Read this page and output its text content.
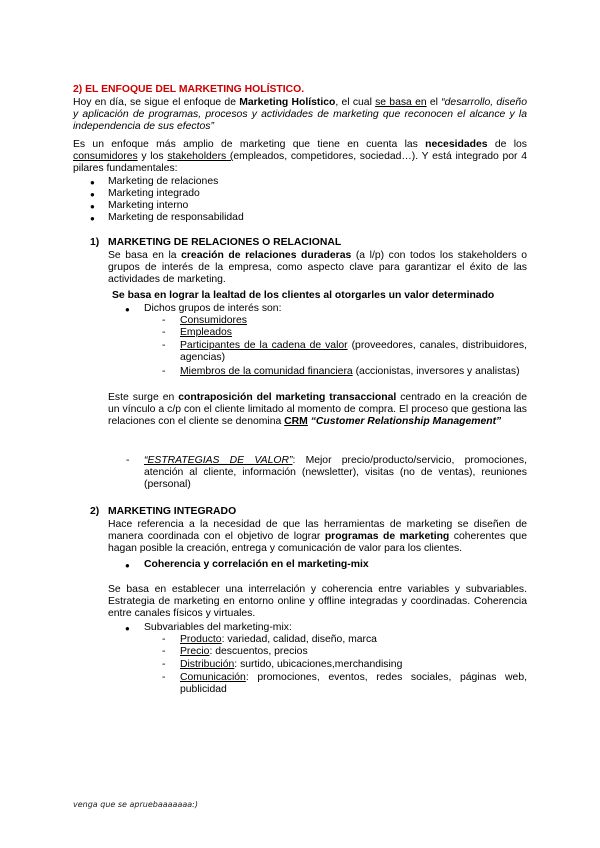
2) EL ENFOQUE DEL MARKETING HOLÍSTICO.
Hoy en día, se sigue el enfoque de Marketing Holístico, el cual se basa en el “desarrollo, diseño y aplicación de programas, procesos y actividades de marketing que reconocen el alcance y la independencia de sus efectos”
Es un enfoque más amplio de marketing que tiene en cuenta las necesidades de los consumidores y los stakeholders (empleados, competidores, sociedad…). Y está integrado por 4 pilares fundamentales:
● Marketing de relaciones
● Marketing integrado
● Marketing interno
● Marketing de responsabilidad
1) MARKETING DE RELACIONES O RELACIONAL
Se basa en la creación de relaciones duraderas (a l/p) con todos los stakeholders o grupos de interés de la empresa, como aspecto clave para garantizar el éxito de las actividades de marketing.
Se basa en lograr la lealtad de los clientes al otorgarles un valor determinado
● Dichos grupos de interés son:
- Consumidores
- Empleados
- Participantes de la cadena de valor (proveedores, canales, distribuidores, agencias)
- Miembros de la comunidad financiera (accionistas, inversores y analistas)
Este surge en contraposición del marketing transaccional centrado en la creación de un vínculo a c/p con el cliente limitado al momento de compra. El proceso que gestiona las relaciones con el cliente se denomina CRM “Customer Relationship Management”
- “ESTRATEGIAS DE VALOR”: Mejor precio/producto/servicio, promociones, atención al cliente, información (newsletter), visitas (no de ventas), reuniones (personal)
2) MARKETING INTEGRADO
Hace referencia a la necesidad de que las herramientas de marketing se diseñen de manera coordinada con el objetivo de lograr programas de marketing coherentes que hagan posible la creación, entrega y comunicación de valor para los clientes.
● Coherencia y correlación en el marketing-mix
Se basa en establecer una interrelación y coherencia entre variables y subvariables. Estrategia de marketing en entorno online y offline integradas y coordinadas. Coherencia entre canales físicos y virtuales.
● Subvariables del marketing-mix:
- Producto: variedad, calidad, diseño, marca
- Precio: descuentos, precios
- Distribución: surtido, ubicaciones,merchandising
- Comunicación: promociones, eventos, redes sociales, páginas web, publicidad
venga que se apruebaaaaaaa:)
